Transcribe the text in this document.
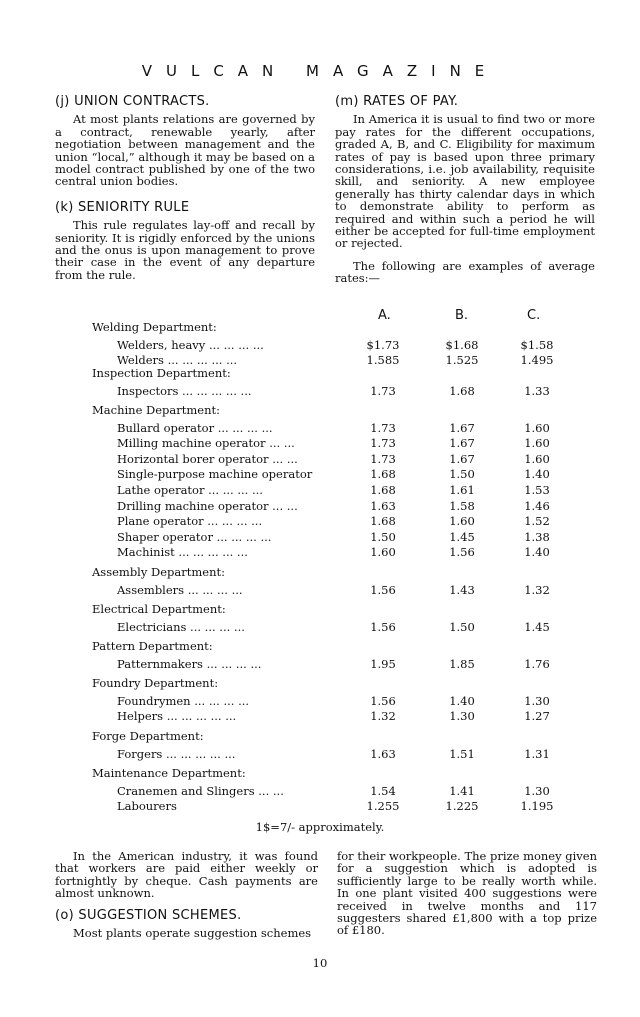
VULCAN MAGAZINE
(j) UNION CONTRACTS.

At most plants relations are governed by a contract, renewable yearly, after negotiation between management and the union “local,” although it may be based on a model contract published by one of the two central union bodies.

(k) SENIORITY RULE

This rule regulates lay-off and recall by seniority. It is rigidly enforced by the unions and the onus is upon management to prove their case in the event of any departure from the rule.

(m) RATES OF PAY.

In America it is usual to find two or more pay rates for the different occupations, graded A, B, and C. Eligibility for maximum rates of pay is based upon three primary considerations, i.e. job availability, requisite skill, and seniority. A new employee generally has thirty calendar days in which to demonstrate ability to perform as required and within such a period he will either be accepted for full-time employment or rejected.

The following are examples of average rates:—

A.	B.	C.
Welding Department:
Welders, heavy ... ... ... ...	$1.73	$1.68	$1.58
Welders ... ... ... ... ...	1.585	1.525	1.495
Inspection Department:
Inspectors ... ... ... ... ...	1.73	1.68	1.33
Machine Department:
Bullard operator ... ... ... ...	1.73	1.67	1.60
Milling machine operator ... ...	1.73	1.67	1.60
Horizontal borer operator ... ...	1.73	1.67	1.60
Single-purpose machine operator	1.68	1.50	1.40
Lathe operator ... ... ... ...	1.68	1.61	1.53
Drilling machine operator ... ...	1.63	1.58	1.46
Plane operator ... ... ... ...	1.68	1.60	1.52
Shaper operator ... ... ... ...	1.50	1.45	1.38
Machinist ... ... ... ... ...	1.60	1.56	1.40
Assembly Department:
Assemblers ... ... ... ...	1.56	1.43	1.32
Electrical Department:
Electricians ... ... ... ...	1.56	1.50	1.45
Pattern Department:
Patternmakers ... ... ... ...	1.95	1.85	1.76
Foundry Department:
Foundrymen ... ... ... ...	1.56	1.40	1.30
Helpers ... ... ... ... ...	1.32	1.30	1.27
Forge Department:
Forgers ... ... ... ... ...	1.63	1.51	1.31
Maintenance Department:
Cranemen and Slingers ... ...	1.54	1.41	1.30
Labourers	1.255	1.225	1.195
1$=7/- approximately.

In the American industry, it was found that workers are paid either weekly or fortnightly by cheque. Cash payments are almost unknown.

(o) SUGGESTION SCHEMES.

Most plants operate suggestion schemes

for their workpeople. The prize money given for a suggestion which is adopted is sufficiently large to be really worth while. In one plant visited 400 suggestions were received in twelve months and 117 suggesters shared £1,800 with a top prize of £180.

10
